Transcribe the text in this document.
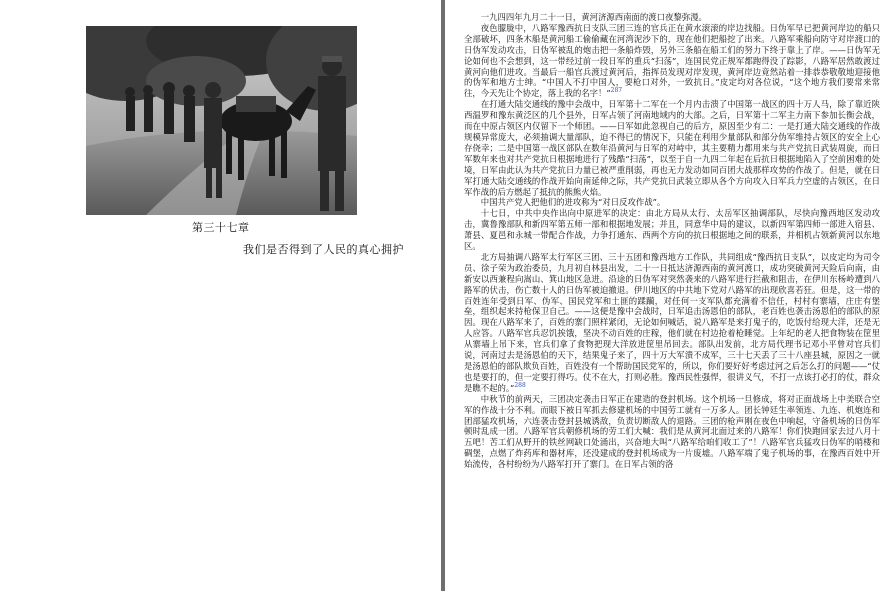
第三十七章
我们是否得到了人民的真心拥护

一九四四年九月二十一日，黄河济源西南面的渡口夜黎弥漫。

夜色朦胧中，八路军豫西抗日支队三团三连的官兵正在黄水滚滚的岸边找船。日伪军早已把黄河岸边的船只全部破坏，四条木船是黄河船工偷偷藏在河湾泥沙下的，现在他们把船挖了出来。八路军乘船向防守对岸渡口的日伪军发动攻击，日伪军被乱的炮击把一条船炸毁，另外三条船在船工们的努力下终于靠上了岸。——日伪军无论如何也不会想到，这一带经过前一段日军的重兵“扫荡”，连国民党正规军都跑得没了踪影，八路军居然敢渡过黄河向他们进攻。当最后一船官兵渡过黄河后，指挥员发现对岸发现，黄河岸边竟然站着一排恭恭敬敬地迎接他的伪军和地方士绅。“中国人不打中国人，要枪口对外，一致抗日。”皮定均对各位说，“这个地方我们要常来常往，今天先让个协定，落上我的名字！”$^{287}$

在打通大陆交通线的豫中会战中，日军第十二军在一个月内击溃了中国第一战区的四十万人马，除了靠近陕西温罗和豫东黄泛区的几个县外，日军占领了河南地域内的大部。之后，日军第十二军主力南下参加长衡会战，而在中原占领区内仅留下一个师团。——日军如此忽视自己的后方，原因至少有二：一是打通大陆交通线的作战规模异常庞大，必须抽调大量部队，迫不得已的情况下，只能在利用少量部队和部分伪军维持占领区的安全上心存侥幸；二是中国第一战区部队在数年沿黄河与日军的对峙中，其主要精力都用来与共产党抗日武装周旋，而日军数年来也对共产党抗日根据地进行了残酷“扫荡”，以至于自一九四二年起在后抗日根据地陷入了空前困难的处境，日军由此认为共产党抗日力量已被严重削弱，再也无力发动如同百团大战那样攻势的作战了。但是，就在日军打通大陆交通线的作战开始向南延伸之际，共产党抗日武装立即从各个方向攻入日军兵力空虚的占领区，在日军作战的后方燃起了抵抗的熊熊火焰。

中国共产党人把他们的进攻称为“对日反攻作战”。

十七日，中共中央作出向中原进军的决定：由北方局从太行、太岳军区抽调部队，尽快向豫西地区发动攻击，冀鲁豫部队和新四军第五师一部和根据地发展；并且，同意华中局的建议，以新四军第四师一部进入宿县、萧县、夏邑和永城一带配合作战，力争打通东、西两个方向的抗日根据地之间的联系，并相机占领新黄河以东地区。

北方局抽调八路军太行军区三团、三十五团和豫西地方工作队，共同组成“豫西抗日支队”，以皮定均为司令员、徐子荣为政治委员，九月初自林县出发，二十一日抵达济源西南的黄河渡口，成功突破黄河天险后向南，由新安以西兼程向嵩山、箕山地区急进。沿途的日伪军对突然袭来的八路军进行拦截和阻击，在伊川东杨岭遭到八路军的伏击，伤亡数十人的日伪军被迫撤退。伊川地区的中共地下党对八路军的出现欣喜若狂。但是，这一带的百姓连年受到日军、伪军、国民党军和土匪的蹂躏，对任何一支军队都充满着不信任，村村有寨墙，庄庄有堡垒，组织起来持枪保卫自己。——这便是豫中会战时，日军追击汤恩伯的部队，老百姓也袭击汤恩伯的部队的原因。现在八路军来了，百姓的寨门照样紧闭，无论如何喊话，说八路军是来打鬼子的，吃饭付给现大洋，还是无人应答。八路军官兵忍饥挨饿，坚决不动百姓的庄稼，他们就在村边抢着枪睡觉。上年纪的老人把食物装在筐里从寨墙上吊下来，官兵们拿了食物把现大洋放进筐里吊回去。部队出发前，北方局代理书记邓小平曾对官兵们说，河南过去是汤恩伯的天下，结果鬼子来了，四十万大军溃不成军，三十七天丢了三十八座县城，原因之一就是汤恩伯的部队欺负百姓，百姓没有一个帮助国民党军的，所以，你们要好好考虑过河之后怎么打的问题——“仗也是要打的，但一定要打得巧。仗不在大，打则必胜。豫西民性强悍，很讲义气，不打一点该打必打的仗，群众是瞧不起的。”$^{288}$

中秋节的前两天，三团决定袭击日军正在建造的登封机场。这个机场一旦修成，将对正面战场上中美联合空军的作战十分不利。而眼下被日军抓去修建机场的中国劳工就有一万多人。团长钟廷生率领连、九连、机炮连和团部猛攻机场，六连袭击登封县城诱敌，负责切断敌人的退路。三团的枪声刚在夜色中响起，守备机场的日伪军顿时乱成一团。八路军官兵朝修机场的劳工们大喊：我们是从黄河北面过来的八路军！你们快跑回家去过八月十五吧！苦工们从野开的铁丝网缺口处涌出，兴奋地大叫“八路军给咱们收工了”！八路军官兵猛攻日伪军的哨楼和碉堡，点燃了炸药库和器材库，还没建成的登封机场成为一片废墟。八路军端了鬼子机场的事，在豫西百姓中开始流传，各村纷纷为八路军打开了寨门。在日军占领的洛
